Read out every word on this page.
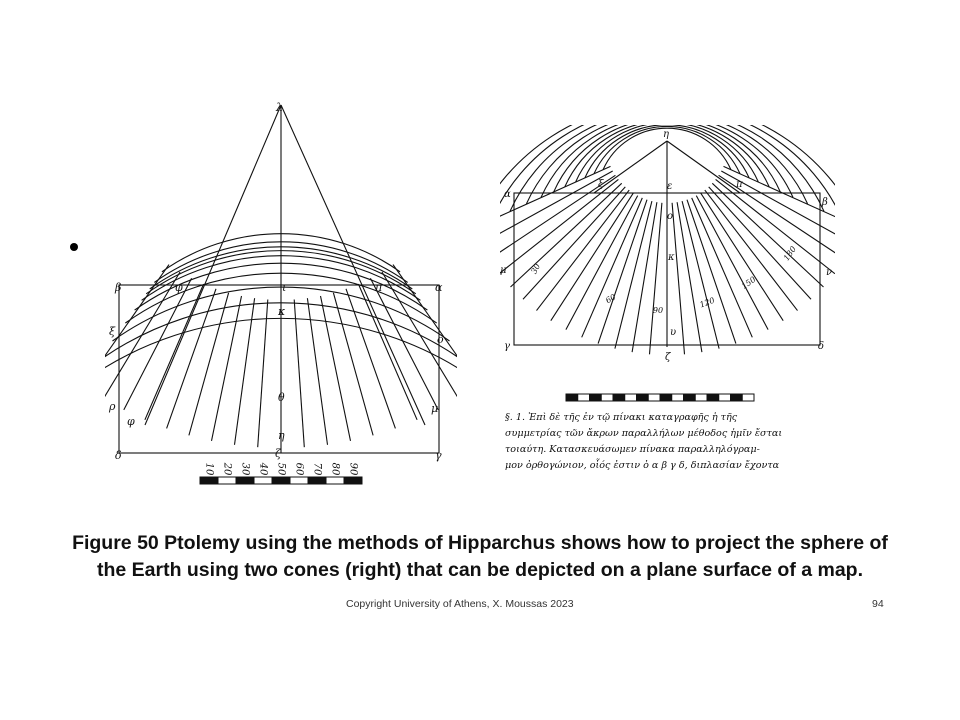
λ
β	φ	ι	π	α
κ
θ
η
ζ
δ	γ
ξ
ρ
φ
ο
μ
10 20 30 40 50 60 70 80 90
η
α
β
ξ	π
ε
ο
κ
μ	ν
γ	δ
υ
ζ
30
60
90
120
150
180
§. 1. Ἐπὶ δὲ τῆς ἐν τῷ πίνακι καταγραφῆς ἡ τῆς
συμμετρίας τῶν ἄκρων παραλλήλων μέθοδος ἡμῖν ἔσται
τοιαύτη. Κατασκευάσωμεν πίνακα παραλληλόγραμ-
μον ὀρθογώνιον, οἷός ἐστιν ὁ α β γ δ, διπλασίαν ἔχοντα
Figure 50 Ptolemy using the methods of Hipparchus shows how to project the sphere of
the Earth using two cones (right) that can be depicted on a plane surface of a map.
Copyright University of Athens, X. Moussas 2023	94
